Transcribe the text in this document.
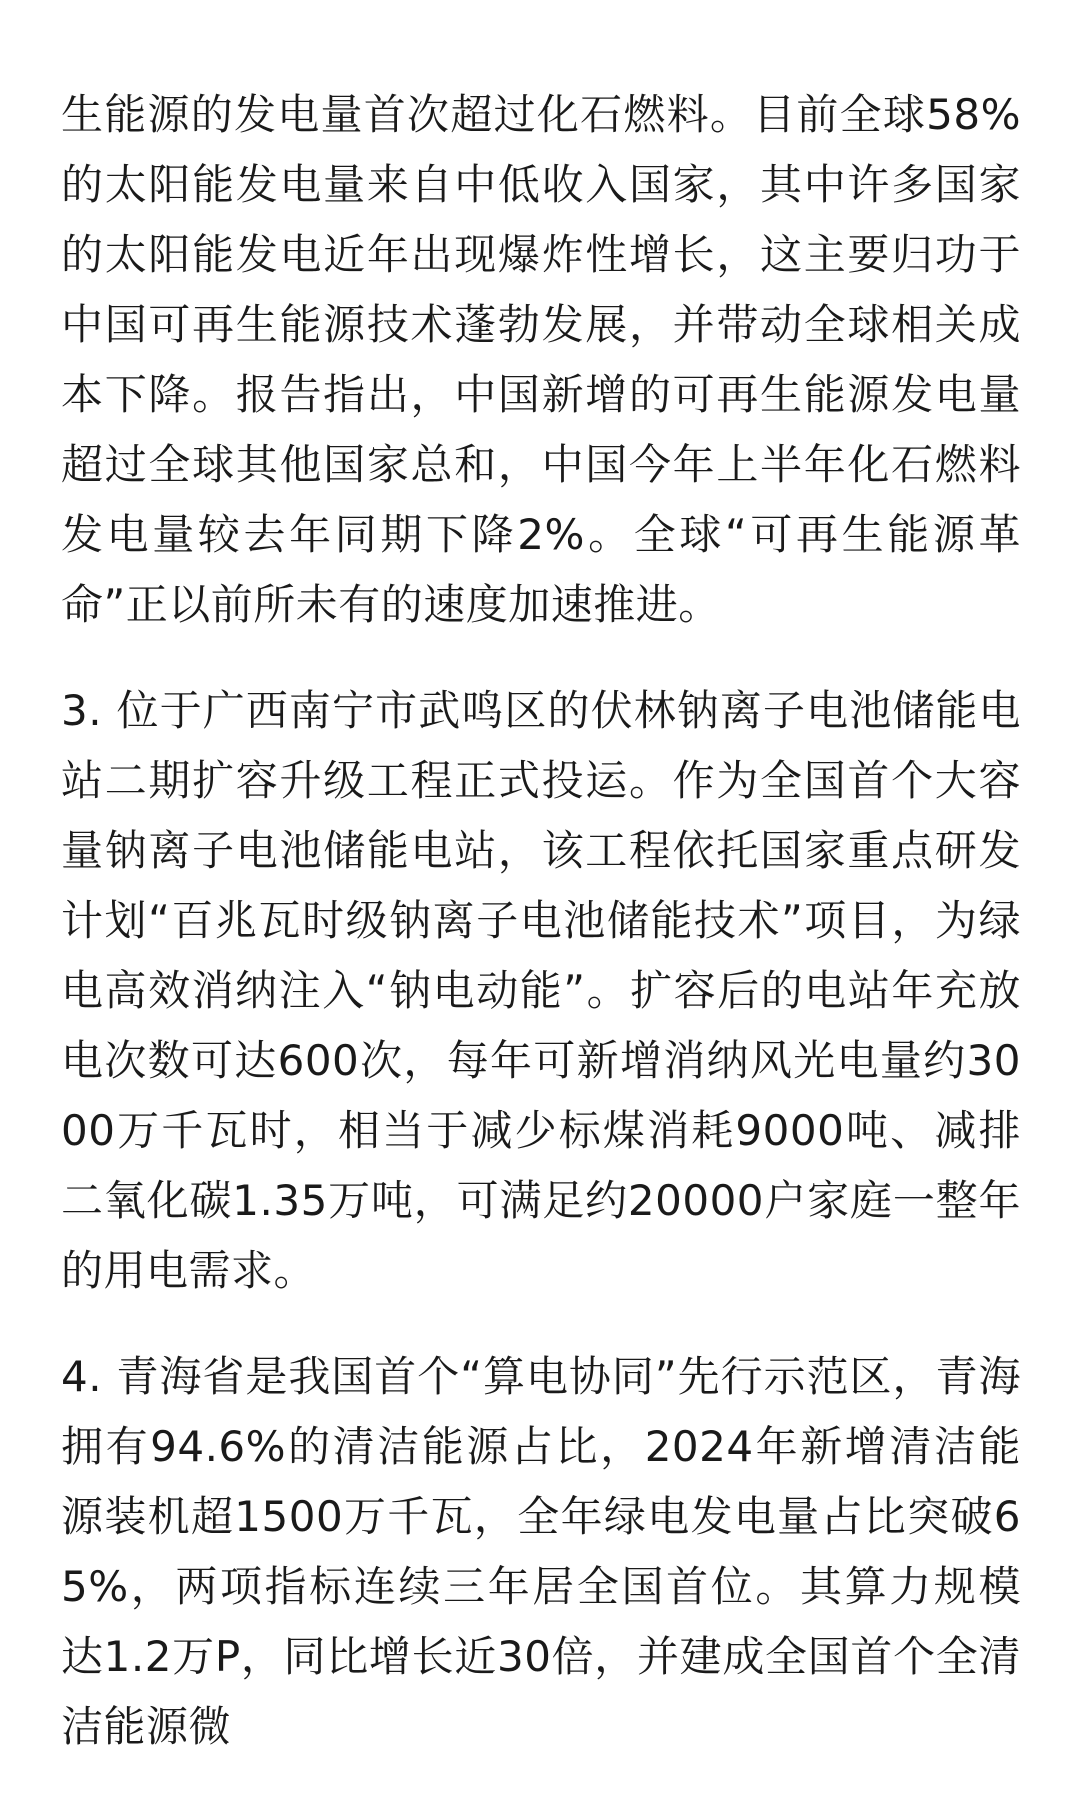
生能源的发电量首次超过化石燃料。目前全球58%的太阳能发电量来自中低收入国家，其中许多国家的太阳能发电近年出现爆炸性增长，这主要归功于中国可再生能源技术蓬勃发展，并带动全球相关成本下降。报告指出，中国新增的可再生能源发电量超过全球其他国家总和，中国今年上半年化石燃料发电量较去年同期下降2%。全球“可再生能源革命”正以前所未有的速度加速推进。

3. 位于广西南宁市武鸣区的伏林钠离子电池储能电站二期扩容升级工程正式投运。作为全国首个大容量钠离子电池储能电站，该工程依托国家重点研发计划“百兆瓦时级钠离子电池储能技术”项目，为绿电高效消纳注入“钠电动能”。扩容后的电站年充放电次数可达600次，每年可新增消纳风光电量约3000万千瓦时，相当于减少标煤消耗9000吨、减排二氧化碳1.35万吨，可满足约20000户家庭一整年的用电需求。

4. 青海省是我国首个“算电协同”先行示范区，青海拥有94.6%的清洁能源占比，2024年新增清洁能源装机超1500万千瓦，全年绿电发电量占比突破65%，两项指标连续三年居全国首位。其算力规模达1.2万P，同比增长近30倍，并建成全国首个全清洁能源微
